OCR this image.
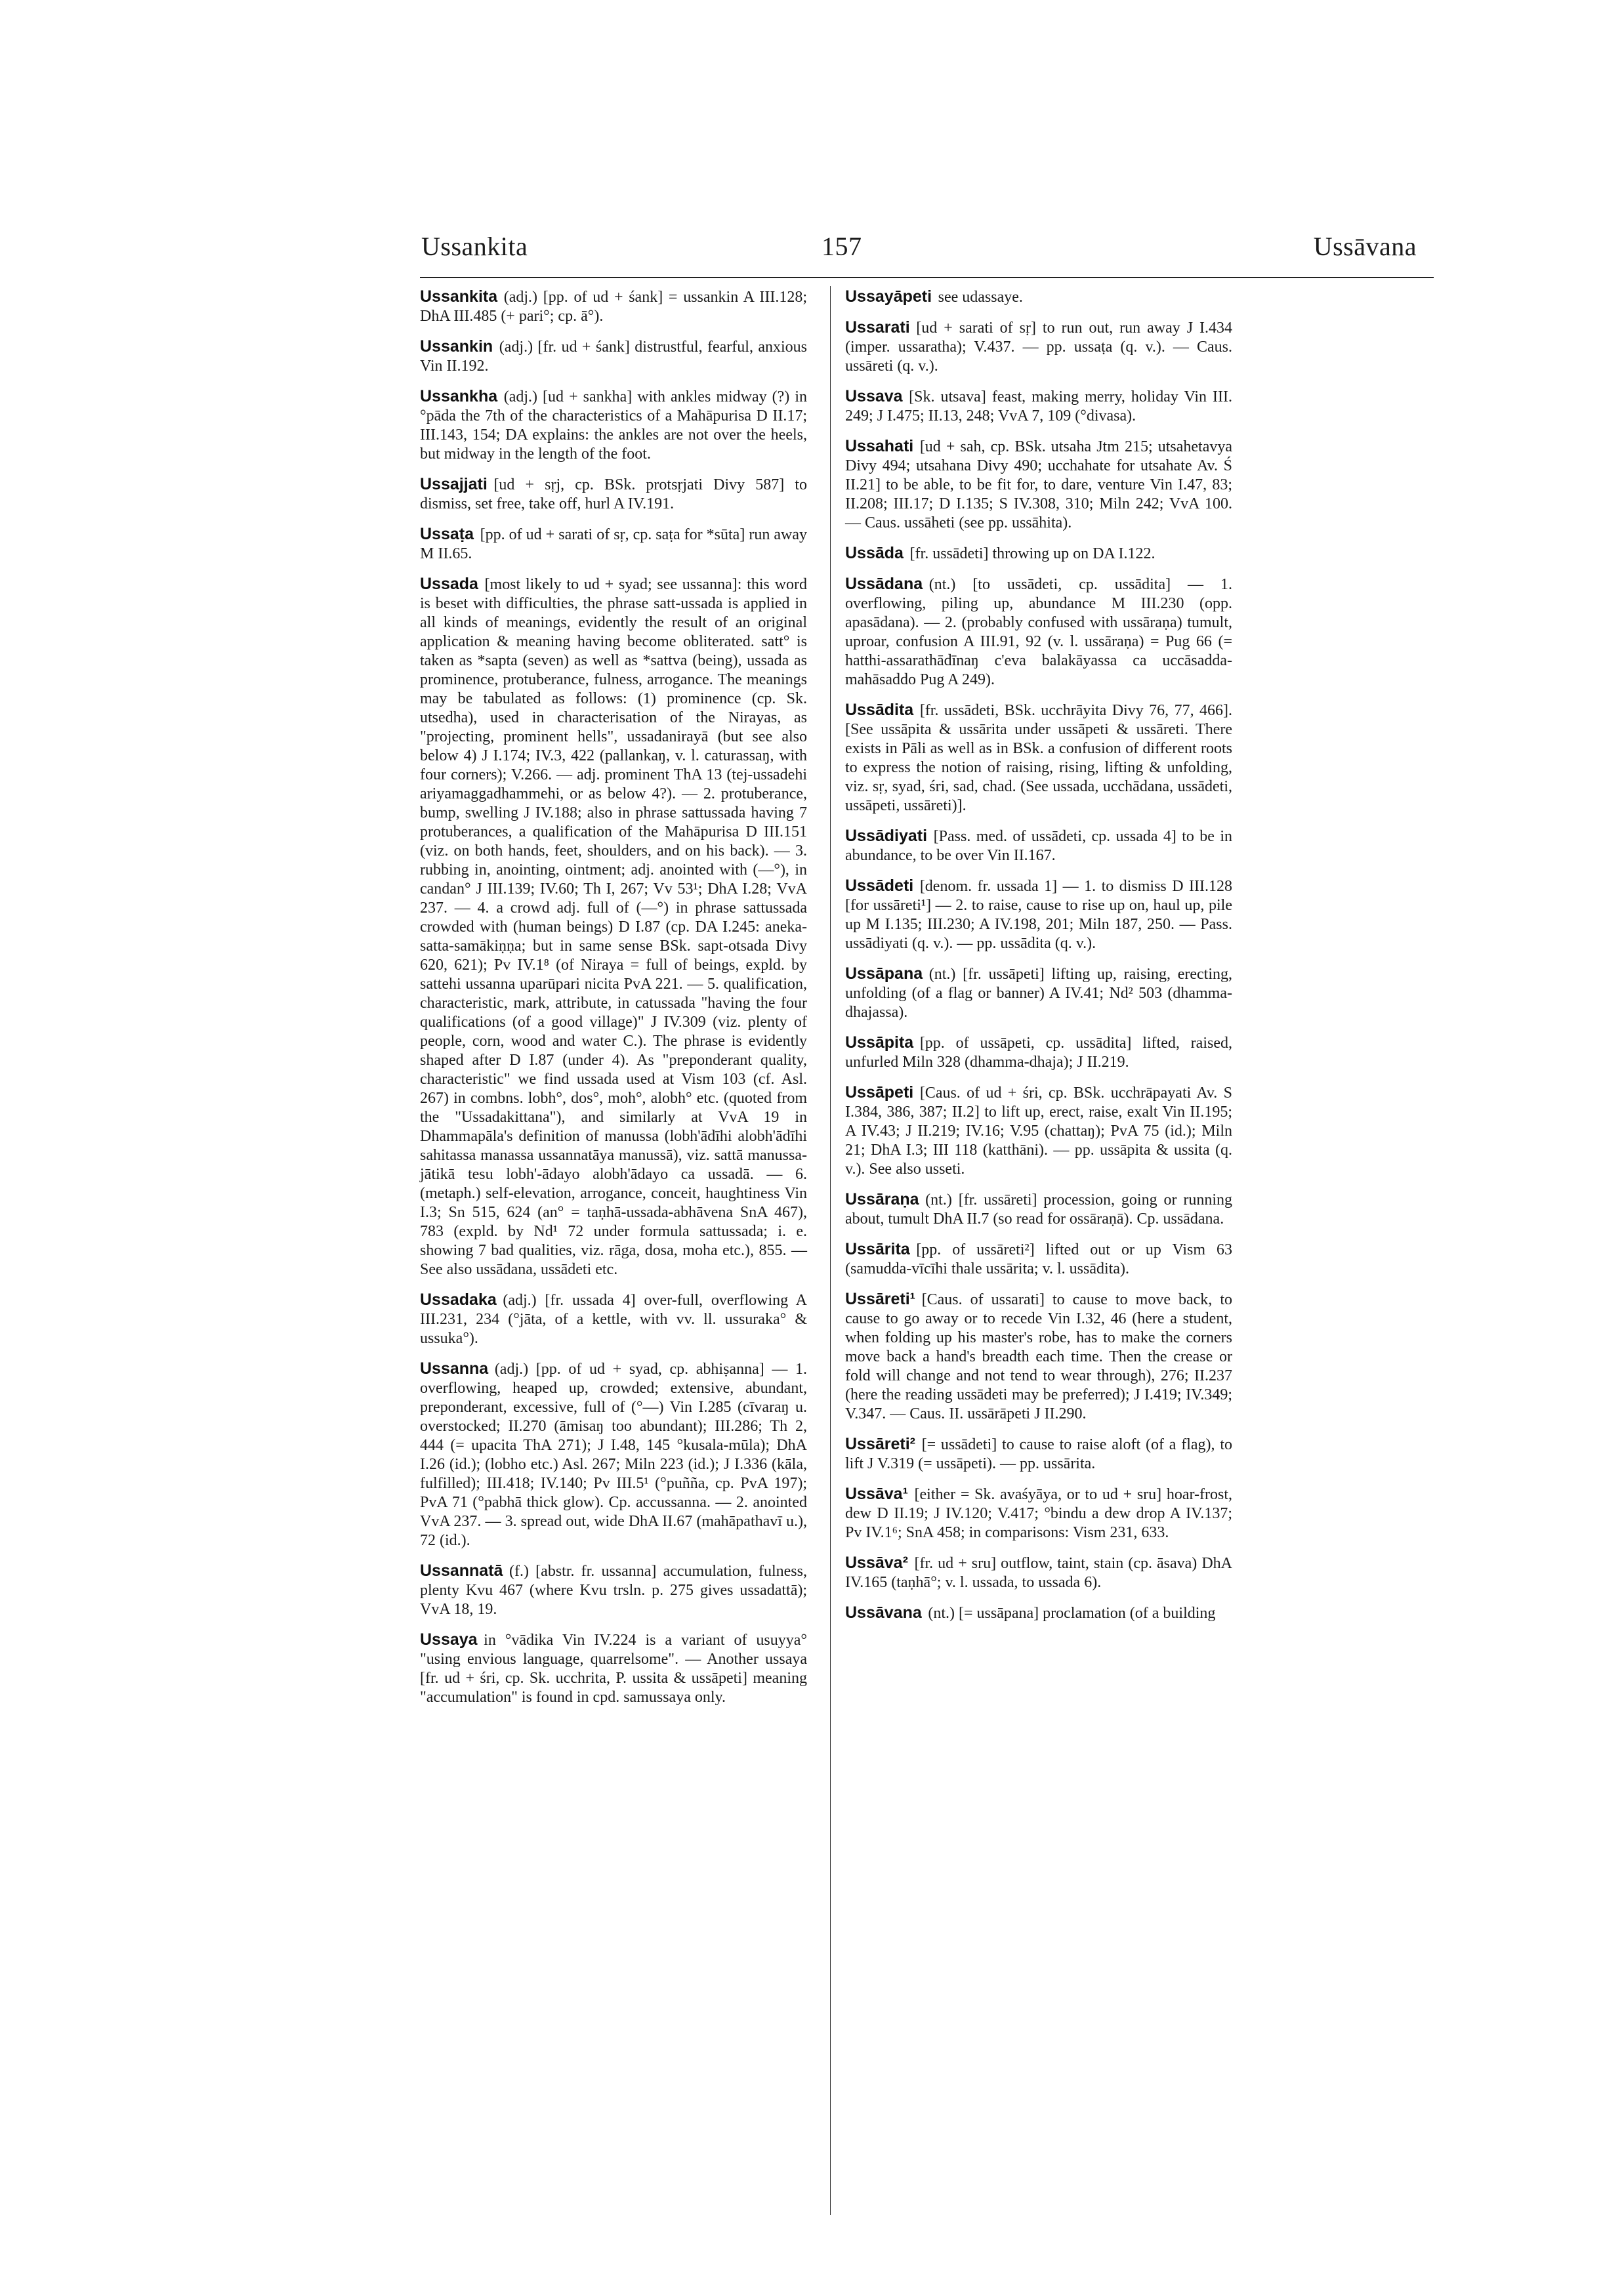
Ussankita	157	Ussāvana

Ussankita (adj.) [pp. of ud + śank] = ussankin A III.128; DhA III.485 (+ pari°; cp. ā°).

Ussankin (adj.) [fr. ud + śank] distrustful, fearful, anxious Vin II.192.

Ussankha (adj.) [ud + sankha] with ankles midway (?) in °pāda the 7th of the characteristics of a Mahāpurisa D II.17; III.143, 154; DA explains: the ankles are not over the heels, but midway in the length of the foot.

Ussajjati [ud + sṛj, cp. BSk. protsṛjati Divy 587] to dismiss, set free, take off, hurl A IV.191.

Ussaṭa [pp. of ud + sarati of sṛ, cp. saṭa for *sūta] run away M II.65.

Ussada [most likely to ud + syad; see ussanna]: this word is beset with difficulties, the phrase satt-ussada is applied in all kinds of meanings, evidently the result of an original application & meaning having become obliterated. satt° is taken as *sapta (seven) as well as *sattva (being), ussada as prominence, protuberance, fulness, arrogance. The meanings may be tabulated as follows: (1) prominence (cp. Sk. utsedha), used in characterisation of the Nirayas, as "projecting, prominent hells", ussadanirayā (but see also below 4) J I.174; IV.3, 422 (pallankaŋ, v. l. caturassaŋ, with four corners); V.266. — adj. prominent ThA 13 (tej-ussadehi ariyamaggadhammehi, or as below 4?). — 2. protuberance, bump, swelling J IV.188; also in phrase sattussada having 7 protuberances, a qualification of the Mahāpurisa D III.151 (viz. on both hands, feet, shoulders, and on his back). — 3. rubbing in, anointing, ointment; adj. anointed with (—°), in candan° J III.139; IV.60; Th I, 267; Vv 53¹; DhA I.28; VvA 237. — 4. a crowd adj. full of (—°) in phrase sattussada crowded with (human beings) D I.87 (cp. DA I.245: aneka-satta-samākiṇṇa; but in same sense BSk. sapt-otsada Divy 620, 621); Pv IV.1⁸ (of Niraya = full of beings, expld. by sattehi ussanna uparūpari nicita PvA 221. — 5. qualification, characteristic, mark, attribute, in catussada "having the four qualifications (of a good village)" J IV.309 (viz. plenty of people, corn, wood and water C.). The phrase is evidently shaped after D I.87 (under 4). As "preponderant quality, characteristic" we find ussada used at Vism 103 (cf. Asl. 267) in combns. lobh°, dos°, moh°, alobh° etc. (quoted from the "Ussadakittana"), and similarly at VvA 19 in Dhammapāla's definition of manussa (lobh'ādīhi alobh'ādīhi sahitassa manassa ussannatāya manussā), viz. sattā manussa-jātikā tesu lobh'-ādayo alobh'ādayo ca ussadā. — 6. (metaph.) self-elevation, arrogance, conceit, haughtiness Vin I.3; Sn 515, 624 (an° = taṇhā-ussada-abhāvena SnA 467), 783 (expld. by Nd¹ 72 under formula sattussada; i. e. showing 7 bad qualities, viz. rāga, dosa, moha etc.), 855. — See also ussādana, ussādeti etc.

Ussadaka (adj.) [fr. ussada 4] over-full, overflowing A III.231, 234 (°jāta, of a kettle, with vv. ll. ussuraka° & ussuka°).

Ussanna (adj.) [pp. of ud + syad, cp. abhiṣanna] — 1. overflowing, heaped up, crowded; extensive, abundant, preponderant, excessive, full of (°—) Vin I.285 (cīvaraŋ u. overstocked; II.270 (āmisaŋ too abundant); III.286; Th 2, 444 (= upacita ThA 271); J I.48, 145 °kusala-mūla); DhA I.26 (id.); (lobho etc.) Asl. 267; Miln 223 (id.); J I.336 (kāla, fulfilled); III.418; IV.140; Pv III.5¹ (°puñña, cp. PvA 197); PvA 71 (°pabhā thick glow). Cp. accussanna. — 2. anointed VvA 237. — 3. spread out, wide DhA II.67 (mahāpathavī u.), 72 (id.).

Ussannatā (f.) [abstr. fr. ussanna] accumulation, fulness, plenty Kvu 467 (where Kvu trsln. p. 275 gives ussadattā); VvA 18, 19.

Ussaya in °vādika Vin IV.224 is a variant of usuyya° "using envious language, quarrelsome". — Another ussaya [fr. ud + śri, cp. Sk. ucchrita, P. ussita & ussāpeti] meaning "accumulation" is found in cpd. samussaya only.

Ussayāpeti see udassaye.

Ussarati [ud + sarati of sṛ] to run out, run away J I.434 (imper. ussaratha); V.437. — pp. ussaṭa (q. v.). — Caus. ussāreti (q. v.).

Ussava [Sk. utsava] feast, making merry, holiday Vin III. 249; J I.475; II.13, 248; VvA 7, 109 (°divasa).

Ussahati [ud + sah, cp. BSk. utsaha Jtm 215; utsahetavya Divy 494; utsahana Divy 490; ucchahate for utsahate Av. Ś II.21] to be able, to be fit for, to dare, venture Vin I.47, 83; II.208; III.17; D I.135; S IV.308, 310; Miln 242; VvA 100. — Caus. ussāheti (see pp. ussāhita).

Ussāda [fr. ussādeti] throwing up on DA I.122.

Ussādana (nt.) [to ussādeti, cp. ussādita] — 1. overflowing, piling up, abundance M III.230 (opp. apasādana). — 2. (probably confused with ussāraṇa) tumult, uproar, confusion A III.91, 92 (v. l. ussāraṇa) = Pug 66 (= hatthi-assarathādīnaŋ c'eva balakāyassa ca uccāsadda-mahāsaddo Pug A 249).

Ussādita [fr. ussādeti, BSk. ucchrāyita Divy 76, 77, 466]. [See ussāpita & ussārita under ussāpeti & ussāreti. There exists in Pāli as well as in BSk. a confusion of different roots to express the notion of raising, rising, lifting & unfolding, viz. sṛ, syad, śri, sad, chad. (See ussada, ucchādana, ussādeti, ussāpeti, ussāreti)].

Ussādiyati [Pass. med. of ussādeti, cp. ussada 4] to be in abundance, to be over Vin II.167.

Ussādeti [denom. fr. ussada 1] — 1. to dismiss D III.128 [for ussāreti¹] — 2. to raise, cause to rise up on, haul up, pile up M I.135; III.230; A IV.198, 201; Miln 187, 250. — Pass. ussādiyati (q. v.). — pp. ussādita (q. v.).

Ussāpana (nt.) [fr. ussāpeti] lifting up, raising, erecting, unfolding (of a flag or banner) A IV.41; Nd² 503 (dhamma-dhajassa).

Ussāpita [pp. of ussāpeti, cp. ussādita] lifted, raised, unfurled Miln 328 (dhamma-dhaja); J II.219.

Ussāpeti [Caus. of ud + śri, cp. BSk. ucchrāpayati Av. S I.384, 386, 387; II.2] to lift up, erect, raise, exalt Vin II.195; A IV.43; J II.219; IV.16; V.95 (chattaŋ); PvA 75 (id.); Miln 21; DhA I.3; III 118 (katthāni). — pp. ussāpita & ussita (q. v.). See also usseti.

Ussāraṇa (nt.) [fr. ussāreti] procession, going or running about, tumult DhA II.7 (so read for ossāraṇā). Cp. ussādana.

Ussārita [pp. of ussāreti²] lifted out or up Vism 63 (samudda-vīcīhi thale ussārita; v. l. ussādita).

Ussāreti¹ [Caus. of ussarati] to cause to move back, to cause to go away or to recede Vin I.32, 46 (here a student, when folding up his master's robe, has to make the corners move back a hand's breadth each time. Then the crease or fold will change and not tend to wear through), 276; II.237 (here the reading ussādeti may be preferred); J I.419; IV.349; V.347. — Caus. II. ussārāpeti J II.290.

Ussāreti² [= ussādeti] to cause to raise aloft (of a flag), to lift J V.319 (= ussāpeti). — pp. ussārita.

Ussāva¹ [either = Sk. avaśyāya, or to ud + sru] hoar-frost, dew D II.19; J IV.120; V.417; °bindu a dew drop A IV.137; Pv IV.1⁶; SnA 458; in comparisons: Vism 231, 633.

Ussāva² [fr. ud + sru] outflow, taint, stain (cp. āsava) DhA IV.165 (taṇhā°; v. l. ussada, to ussada 6).

Ussāvana (nt.) [= ussāpana] proclamation (of a building
